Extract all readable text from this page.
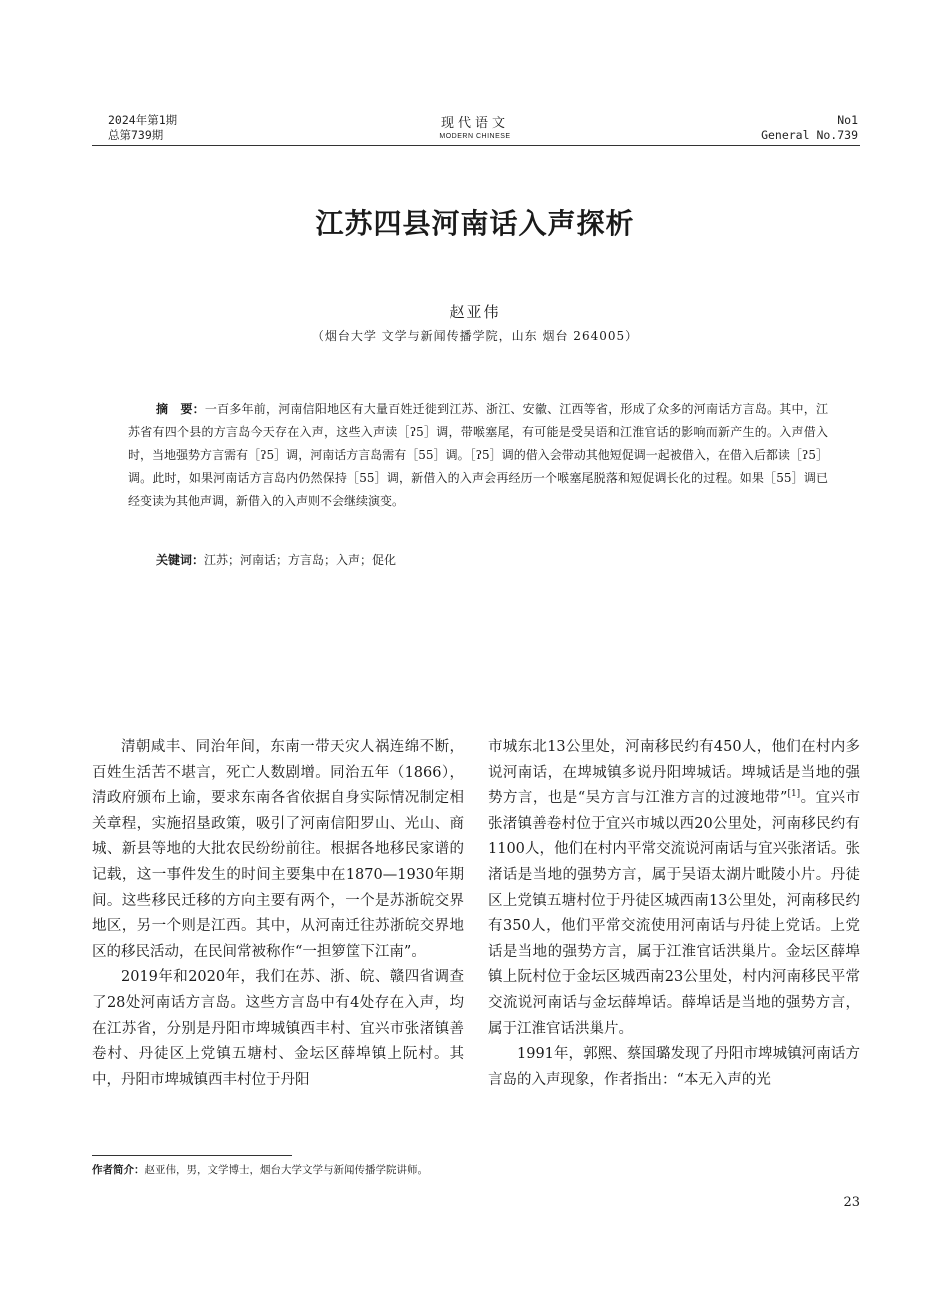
2024年第1期
总第739期
现代语文
MODERN CHINESE
No1
General No.739
江苏四县河南话入声探析
赵亚伟
（烟台大学 文学与新闻传播学院，山东 烟台 264005）
摘　要：一百多年前，河南信阳地区有大量百姓迁徙到江苏、浙江、安徽、江西等省，形成了众多的河南话方言岛。其中，江苏省有四个县的方言岛今天存在入声，这些入声读［ʔ5］调，带喉塞尾，有可能是受吴语和江淮官话的影响而新产生的。入声借入时，当地强势方言需有［ʔ5］调，河南话方言岛需有［55］调。［ʔ5］调的借入会带动其他短促调一起被借入，在借入后都读［ʔ5］调。此时，如果河南话方言岛内仍然保持［55］调，新借入的入声会再经历一个喉塞尾脱落和短促调长化的过程。如果［55］调已经变读为其他声调，新借入的入声则不会继续演变。
关键词：江苏；河南话；方言岛；入声；促化

清朝咸丰、同治年间，东南一带天灾人祸连绵不断，百姓生活苦不堪言，死亡人数剧增。同治五年（1866），清政府颁布上谕，要求东南各省依据自身实际情况制定相关章程，实施招垦政策，吸引了河南信阳罗山、光山、商城、新县等地的大批农民纷纷前往。根据各地移民家谱的记载，这一事件发生的时间主要集中在1870—1930年期间。这些移民迁移的方向主要有两个，一个是苏浙皖交界地区，另一个则是江西。其中，从河南迁往苏浙皖交界地区的移民活动，在民间常被称作“一担箩筐下江南”。

2019年和2020年，我们在苏、浙、皖、赣四省调查了28处河南话方言岛。这些方言岛中有4处存在入声，均在江苏省，分别是丹阳市埤城镇西丰村、宜兴市张渚镇善卷村、丹徒区上党镇五塘村、金坛区薛埠镇上阮村。其中，丹阳市埤城镇西丰村位于丹阳

市城东北13公里处，河南移民约有450人，他们在村内多说河南话，在埤城镇多说丹阳埤城话。埤城话是当地的强势方言，也是“吴方言与江淮方言的过渡地带”[1]。宜兴市张渚镇善卷村位于宜兴市城以西20公里处，河南移民约有1100人，他们在村内平常交流说河南话与宜兴张渚话。张渚话是当地的强势方言，属于吴语太湖片毗陵小片。丹徒区上党镇五塘村位于丹徒区城西南13公里处，河南移民约有350人，他们平常交流使用河南话与丹徒上党话。上党话是当地的强势方言，属于江淮官话洪巢片。金坛区薛埠镇上阮村位于金坛区城西南23公里处，村内河南移民平常交流说河南话与金坛薛埠话。薛埠话是当地的强势方言，属于江淮官话洪巢片。

1991年，郭熙、蔡国璐发现了丹阳市埤城镇河南话方言岛的入声现象，作者指出：“本无入声的光

作者简介：赵亚伟，男，文学博士，烟台大学文学与新闻传播学院讲师。
23
